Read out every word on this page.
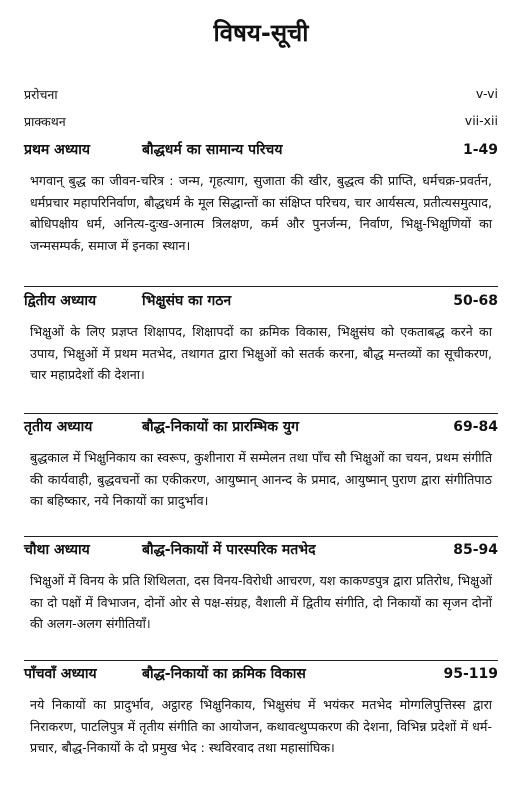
विषय-सूची
प्ररोचना	v-vi
प्राक्कथन	vii-xii
प्रथम अध्याय	बौद्धधर्म का सामान्य परिचय	1-49
भगवान् बुद्ध का जीवन-चरित्र : जन्म, गृहत्याग, सुजाता की खीर, बुद्धत्व की प्राप्ति, धर्मचक्र-प्रवर्तन, धर्मप्रचार महापरिनिर्वाण, बौद्धधर्म के मूल सिद्धान्तों का संक्षिप्त परिचय, चार आर्यसत्य, प्रतीत्यसमुत्पाद, बोधिपक्षीय धर्म, अनित्य-दुःख-अनात्म त्रिलक्षण, कर्म और पुनर्जन्म, निर्वाण, भिक्षु-भिक्षुणियों का जन्मसम्पर्क, समाज में इनका स्थान।
द्वितीय अध्याय	भिक्षुसंघ का गठन	50-68
भिक्षुओं के लिए प्रज्ञप्त शिक्षापद, शिक्षापदों का क्रमिक विकास, भिक्षुसंघ को एकताबद्ध करने का उपाय, भिक्षुओं में प्रथम मतभेद, तथागत द्वारा भिक्षुओं को सतर्क करना, बौद्ध मन्तव्यों का सूचीकरण, चार महाप्रदेशों की देशना।
तृतीय अध्याय	बौद्ध-निकायों का प्रारम्भिक युग	69-84
बुद्धकाल में भिक्षुनिकाय का स्वरूप, कुशीनारा में सम्मेलन तथा पाँच सौ भिक्षुओं का चयन, प्रथम संगीति की कार्यवाही, बुद्धवचनों का एकीकरण, आयुष्मान् आनन्द के प्रमाद, आयुष्मान् पुराण द्वारा संगीतिपाठ का बहिष्कार, नये निकायों का प्रादुर्भाव।
चौथा अध्याय	बौद्ध-निकायों में पारस्परिक मतभेद	85-94
भिक्षुओं में विनय के प्रति शिथिलता, दस विनय-विरोधी आचरण, यश काकण्डपुत्र द्वारा प्रतिरोध, भिक्षुओं का दो पक्षों में विभाजन, दोनों ओर से पक्ष-संग्रह, वैशाली में द्वितीय संगीति, दो निकायों का सृजन दोनों की अलग-अलग संगीतियाँ।
पाँचवाँ अध्याय	बौद्ध-निकायों का क्रमिक विकास	95-119
नये निकायों का प्रादुर्भाव, अट्ठारह भिक्षुनिकाय, भिक्षुसंघ में भयंकर मतभेद मोग्गलिपुत्तिस्स द्वारा निराकरण, पाटलिपुत्र में तृतीय संगीति का आयोजन, कथावत्थुप्पकरण की देशना, विभिन्न प्रदेशों में धर्म-प्रचार, बौद्ध-निकायों के दो प्रमुख भेद : स्थविरवाद तथा महासांघिक।
